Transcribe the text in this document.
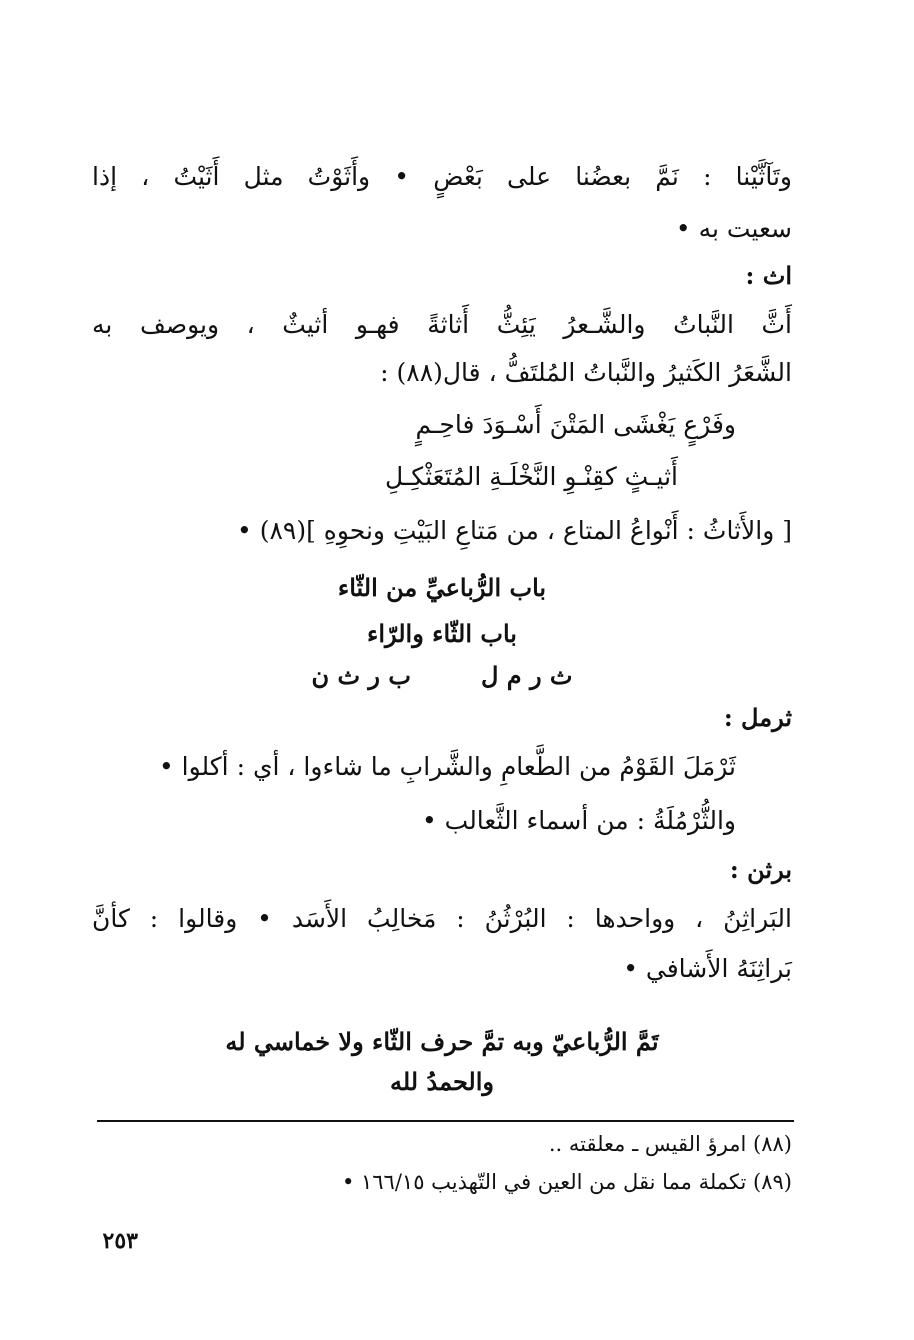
وتَآثَّيْنا : نَمَّ بعضُنا على بَعْضٍ • وأَثَوْتُ مثل أَثَيْتُ ، إذا
سعيت به •
اث :
أَثَّ النَّباتُ والشَّـعرُ يَئِثُّ أَثاثةً فهـو أثيثٌ ، ويوصف به
الشَّعَرُ الكَثيرُ والنَّباتُ المُلتَفُّ ، قال(٨٨) :
وفَرْعٍ يَغْشَى المَتْنَ أَسْـوَدَ فاحِـمٍ
أَثيـثٍ كقِنْـوِ النَّخْلَـةِ المُتَعَثْكِـلِ
[ والأَثاثُ : أَنْواعُ المتاع ، من مَتاعِ البَيْتِ ونحوِهِ ](٨٩) •
باب الرُّباعيِّ من الثّاء
باب الثّاء والرّاء
ث ر م ل
ب ر ث ن
ثرمل :
ثَرْمَلَ القَوْمُ من الطَّعامِ والشَّرابِ ما شاءوا ، أي : أكلوا •
والثُّرْمُلَةُ : من أسماء الثَّعالب •
برثن :
البَراثِنُ ، وواحدها : البُرْثُنُ : مَخالِبُ الأَسَد • وقالوا : كأنَّ
بَراثِنَهُ الأَشافي •
تَمَّ الرُّباعيّ وبه تمَّ حرف الثّاء ولا خماسي له
والحمدُ لله
(٨٨) امرؤ القيس ـ معلقته ..
(٨٩) تكملة مما نقل من العين في التّهذيب ١٦٦/١٥ •
٢٥٣
